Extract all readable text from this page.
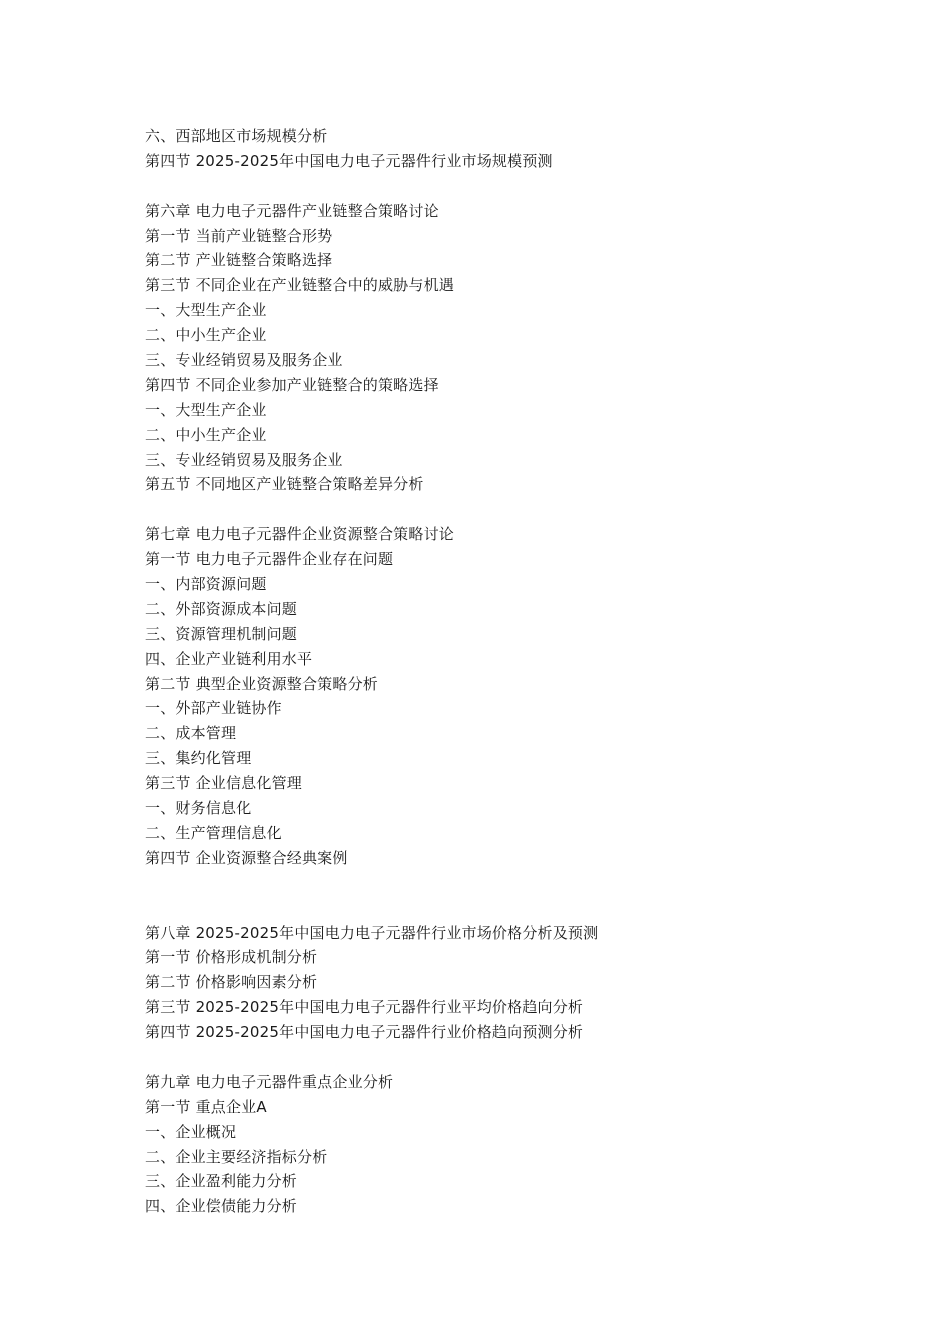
六、西部地区市场规模分析
第四节 2025-2025年中国电力电子元器件行业市场规模预测
第六章 电力电子元器件产业链整合策略讨论
第一节 当前产业链整合形势
第二节 产业链整合策略选择
第三节 不同企业在产业链整合中的威胁与机遇
一、大型生产企业
二、中小生产企业
三、专业经销贸易及服务企业
第四节 不同企业参加产业链整合的策略选择
一、大型生产企业
二、中小生产企业
三、专业经销贸易及服务企业
第五节 不同地区产业链整合策略差异分析
第七章 电力电子元器件企业资源整合策略讨论
第一节 电力电子元器件企业存在问题
一、内部资源问题
二、外部资源成本问题
三、资源管理机制问题
四、企业产业链利用水平
第二节 典型企业资源整合策略分析
一、外部产业链协作
二、成本管理
三、集约化管理
第三节 企业信息化管理
一、财务信息化
二、生产管理信息化
第四节 企业资源整合经典案例
第八章 2025-2025年中国电力电子元器件行业市场价格分析及预测
第一节 价格形成机制分析
第二节 价格影响因素分析
第三节 2025-2025年中国电力电子元器件行业平均价格趋向分析
第四节 2025-2025年中国电力电子元器件行业价格趋向预测分析
第九章 电力电子元器件重点企业分析
第一节 重点企业A
一、企业概况
二、企业主要经济指标分析
三、企业盈利能力分析
四、企业偿债能力分析
